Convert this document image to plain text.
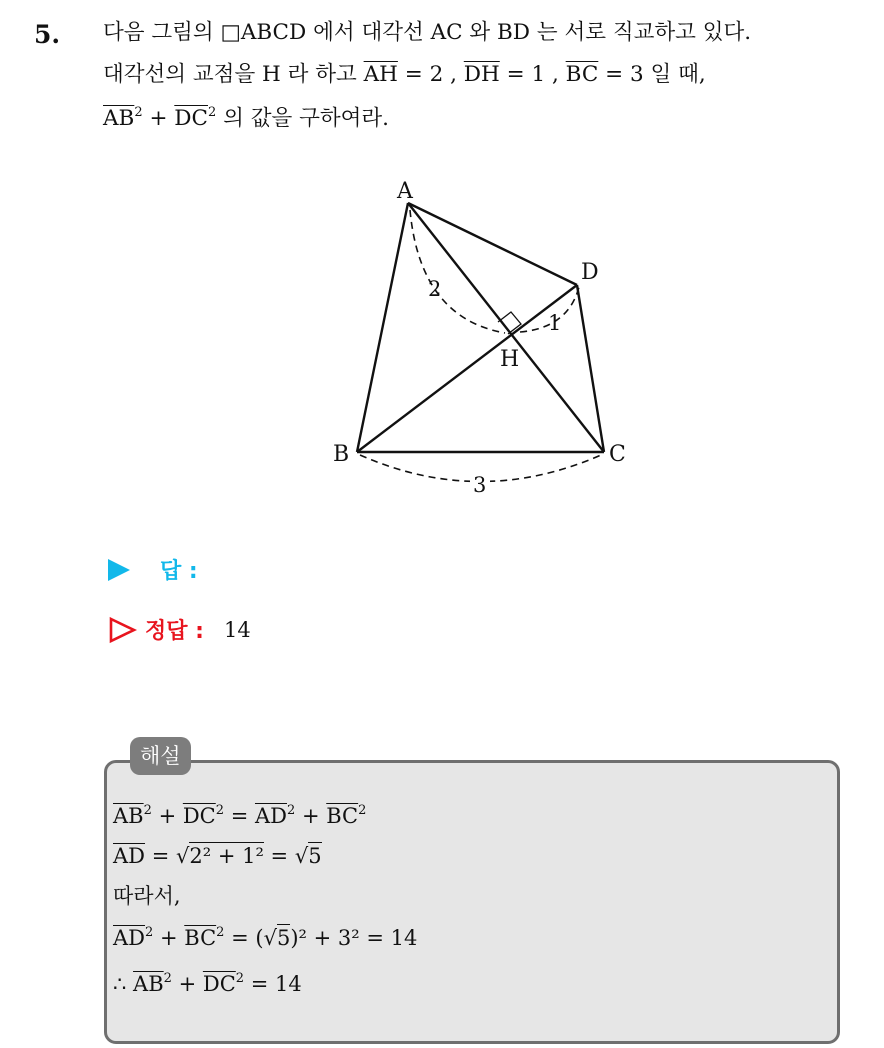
5. 다음 그림의 □ABCD 에서 대각선 AC 와 BD 는 서로 직교하고 있다.
대각선의 교점을 H 라 하고 $\overline{AH} = 2$ , $\overline{DH} = 1$ , $\overline{BC} = 3$ 일 때,
$\overline{AB}^2 + \overline{DC}^2$ 의 값을 구하여라.
A
B	C
D
H
2
1
3
답 :
정답 : 14
해설
$\overline{AB}^2 + \overline{DC}^2 = \overline{AD}^2 + \overline{BC}^2$
$\overline{AD} = √2^2 + 1^2 = √5$
따라서,
$\overline{AD}^2 + \overline{BC}^2 = (√5)^2 + 3^2 = 14$
∴ $\overline{AB}^2 + \overline{DC}^2 = 14$
